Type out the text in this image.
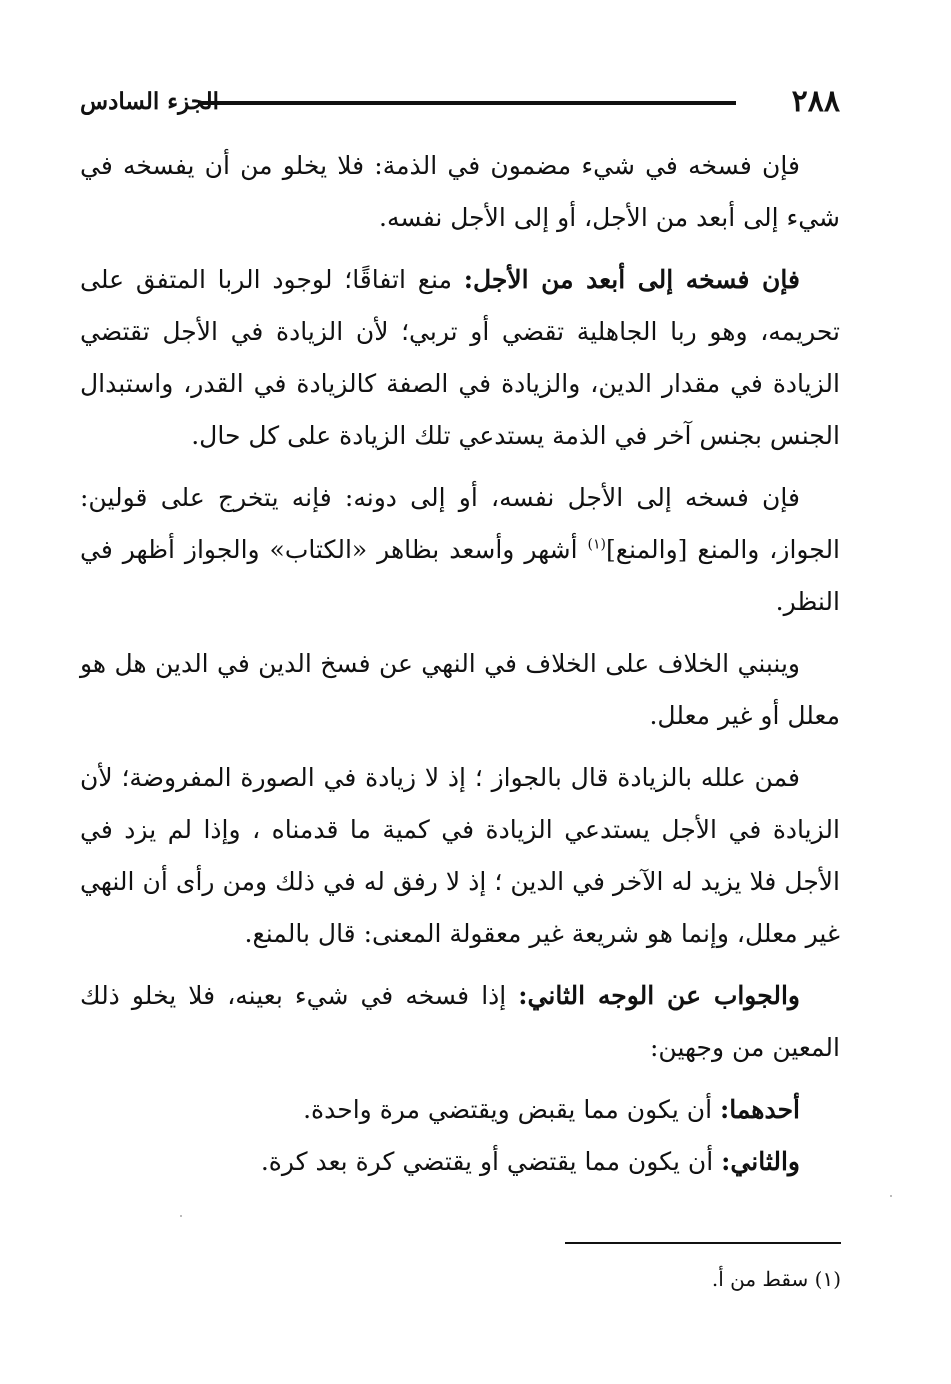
٢٨٨
الجزء السادس

فإن فسخه في شيء مضمون في الذمة: فلا يخلو من أن يفسخه في شيء إلى أبعد من الأجل، أو إلى الأجل نفسه.

فإن فسخه إلى أبعد من الأجل: منع اتفاقًا؛ لوجود الربا المتفق على تحريمه، وهو ربا الجاهلية تقضي أو تربي؛ لأن الزيادة في الأجل تقتضي الزيادة في مقدار الدين، والزيادة في الصفة كالزيادة في القدر، واستبدال الجنس بجنس آخر في الذمة يستدعي تلك الزيادة على كل حال.

فإن فسخه إلى الأجل نفسه، أو إلى دونه: فإنه يتخرج على قولين: الجواز، والمنع [والمنع]$^{(١)}$ أشهر وأسعد بظاهر «الكتاب» والجواز أظهر في النظر.

وينبني الخلاف على الخلاف في النهي عن فسخ الدين في الدين هل هو معلل أو غير معلل.

فمن علله بالزيادة قال بالجواز ؛ إذ لا زيادة في الصورة المفروضة؛ لأن الزيادة في الأجل يستدعي الزيادة في كمية ما قدمناه ، وإذا لم يزد في الأجل فلا يزيد له الآخر في الدين ؛ إذ لا رفق له في ذلك ومن رأى أن النهي غير معلل، وإنما هو شريعة غير معقولة المعنى: قال بالمنع.

والجواب عن الوجه الثاني: إذا فسخه في شيء بعينه، فلا يخلو ذلك المعين من وجهين:

أحدهما: أن يكون مما يقبض ويقتضي مرة واحدة.

والثاني: أن يكون مما يقتضي أو يقتضي كرة بعد كرة.

(١) سقط من أ.
